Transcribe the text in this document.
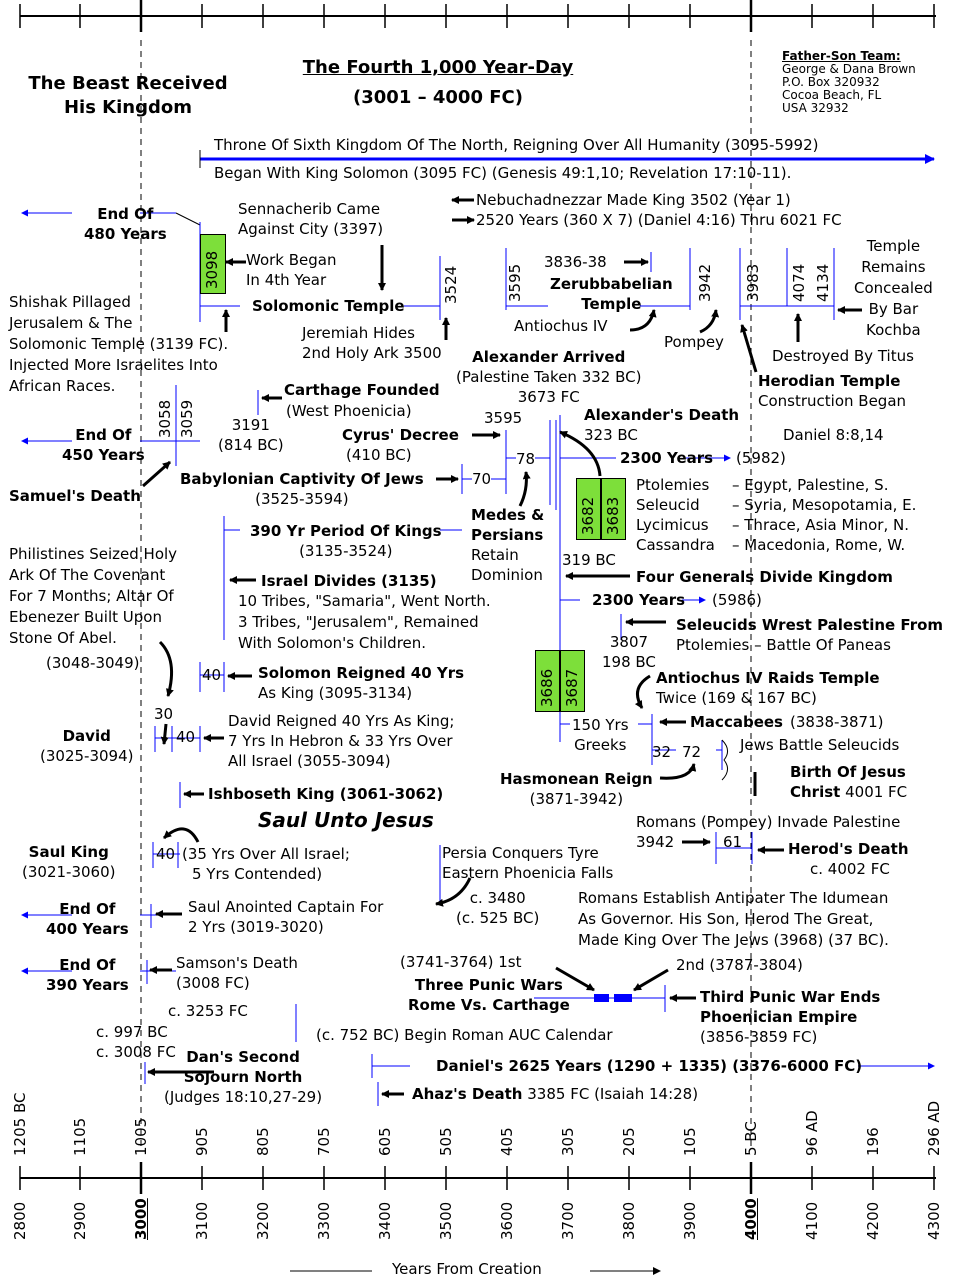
The Beast Received
His Kingdom
The Fourth 1,000 Year-Day
(3001 – 4000 FC)
Father-Son Team:
George & Dana Brown
P.O. Box 320932
Cocoa Beach, FL
USA 32932
Throne Of Sixth Kingdom Of The North, Reigning Over All Humanity (3095-5992)
Began With King Solomon (3095 FC) (Genesis 49:1,10; Revelation 17:10-11).
End Of
480 Years
End Of
450 Years
End Of
400 Years
End Of
390 Years
Sennacherib Came
Against City (3397)
3098 Work Began
In 4th Year
Solomonic Temple
3524
Jeremiah Hides
2nd Holy Ark 3500
Nebuchadnezzar Made King 3502 (Year 1)
2520 Years (360 X 7) (Daniel 4:16) Thru 6021 FC
3595
3836-38
Zerubbabelian
Temple
3942
Antiochus IV
Pompey
3983 4074 4134
Temple
Remains
Concealed
By Bar
Kochba
Destroyed By Titus
Herodian Temple
Construction Began
Shishak Pillaged
Jerusalem & The
Solomonic Temple (3139 FC).
Injected More Israelites Into
African Races.
3058 3059
Carthage Founded
(West Phoenicia)
3191
(814 BC)
Alexander Arrived
(Palestine Taken 332 BC)
3673 FC
3595	Alexander's Death
323 BC	Daniel 8:8,14
Cyrus' Decree
(410 BC)
Samuel's Death
Babylonian Captivity Of Jews
(3525-3594)
70
78	2300 Years (5982)
3682 3683
Ptolemies – Egypt, Palestine, S.
Seleucid – Syria, Mesopotamia, E.
Lycimicus – Thrace, Asia Minor, N.
Cassandra – Macedonia, Rome, W.
390 Yr Period Of Kings
(3135-3524)
Medes &
Persians
Retain
Dominion
319 BC
Four Generals Divide Kingdom
Philistines Seized Holy
Ark Of The Covenant
For 7 Months; Altar Of
Ebenezer Built Upon
Stone Of Abel.
Israel Divides (3135)
10 Tribes, "Samaria", Went North.
3 Tribes, "Jerusalem", Remained
With Solomon's Children.
2300 Years (5986)
Seleucids Wrest Palestine From
Ptolemies – Battle Of Paneas
3807
198 BC
(3048-3049)
40 Solomon Reigned 40 Yrs
As King (3095-3134)	3686 3687	Antiochus IV Raids Temple
Twice (169 & 167 BC)
30
40
David
(3025-3094)
David Reigned 40 Yrs As King;
7 Yrs In Hebron & 33 Yrs Over
All Israel (3055-3094)
150 Yrs
Greeks
Maccabees (3838-3871)
32 72	Jews Battle Seleucids
Hasmonean Reign
(3871-3942)
Birth Of Jesus
Christ 4001 FC
Ishboseth King (3061-3062)
Saul Unto Jesus	Romans (Pompey) Invade Palestine
3942	61	Herod's Death
c. 4002 FC
Saul King
(3021-3060)
40 (35 Yrs Over All Israel;
5 Yrs Contended)
Persia Conquers Tyre
Eastern Phoenicia Falls
c. 3480
(c. 525 BC)
Romans Establish Antipater The Idumean
As Governor. His Son, Herod The Great,
Made King Over The Jews (3968) (37 BC).
Saul Anointed Captain For
2 Yrs (3019-3020)
Samson's Death
(3008 FC)
(3741-3764) 1st	2nd (3787-3804)
Three Punic Wars
Rome Vs. Carthage	Third Punic War Ends
Phoenician Empire
(3856-3859 FC)
c. 3253 FC
(c. 752 BC) Begin Roman AUC Calendar
c. 997 BC
c. 3008 FC Dan's Second
Sojourn North
(Judges 18:10,27-29)
Daniel's 2625 Years (1290 + 1335) (3376-6000 FC)
Ahaz's Death 3385 FC (Isaiah 14:28)
1205 BC	1105	1005	905	805	705	605	505	405	305	205	105	5 BC	96 AD	196	296 AD
2800	2900	3000	3100	3200	3300	3400	3500	3600	3700	3800	3900	4000	4100	4200	4300
Years From Creation
